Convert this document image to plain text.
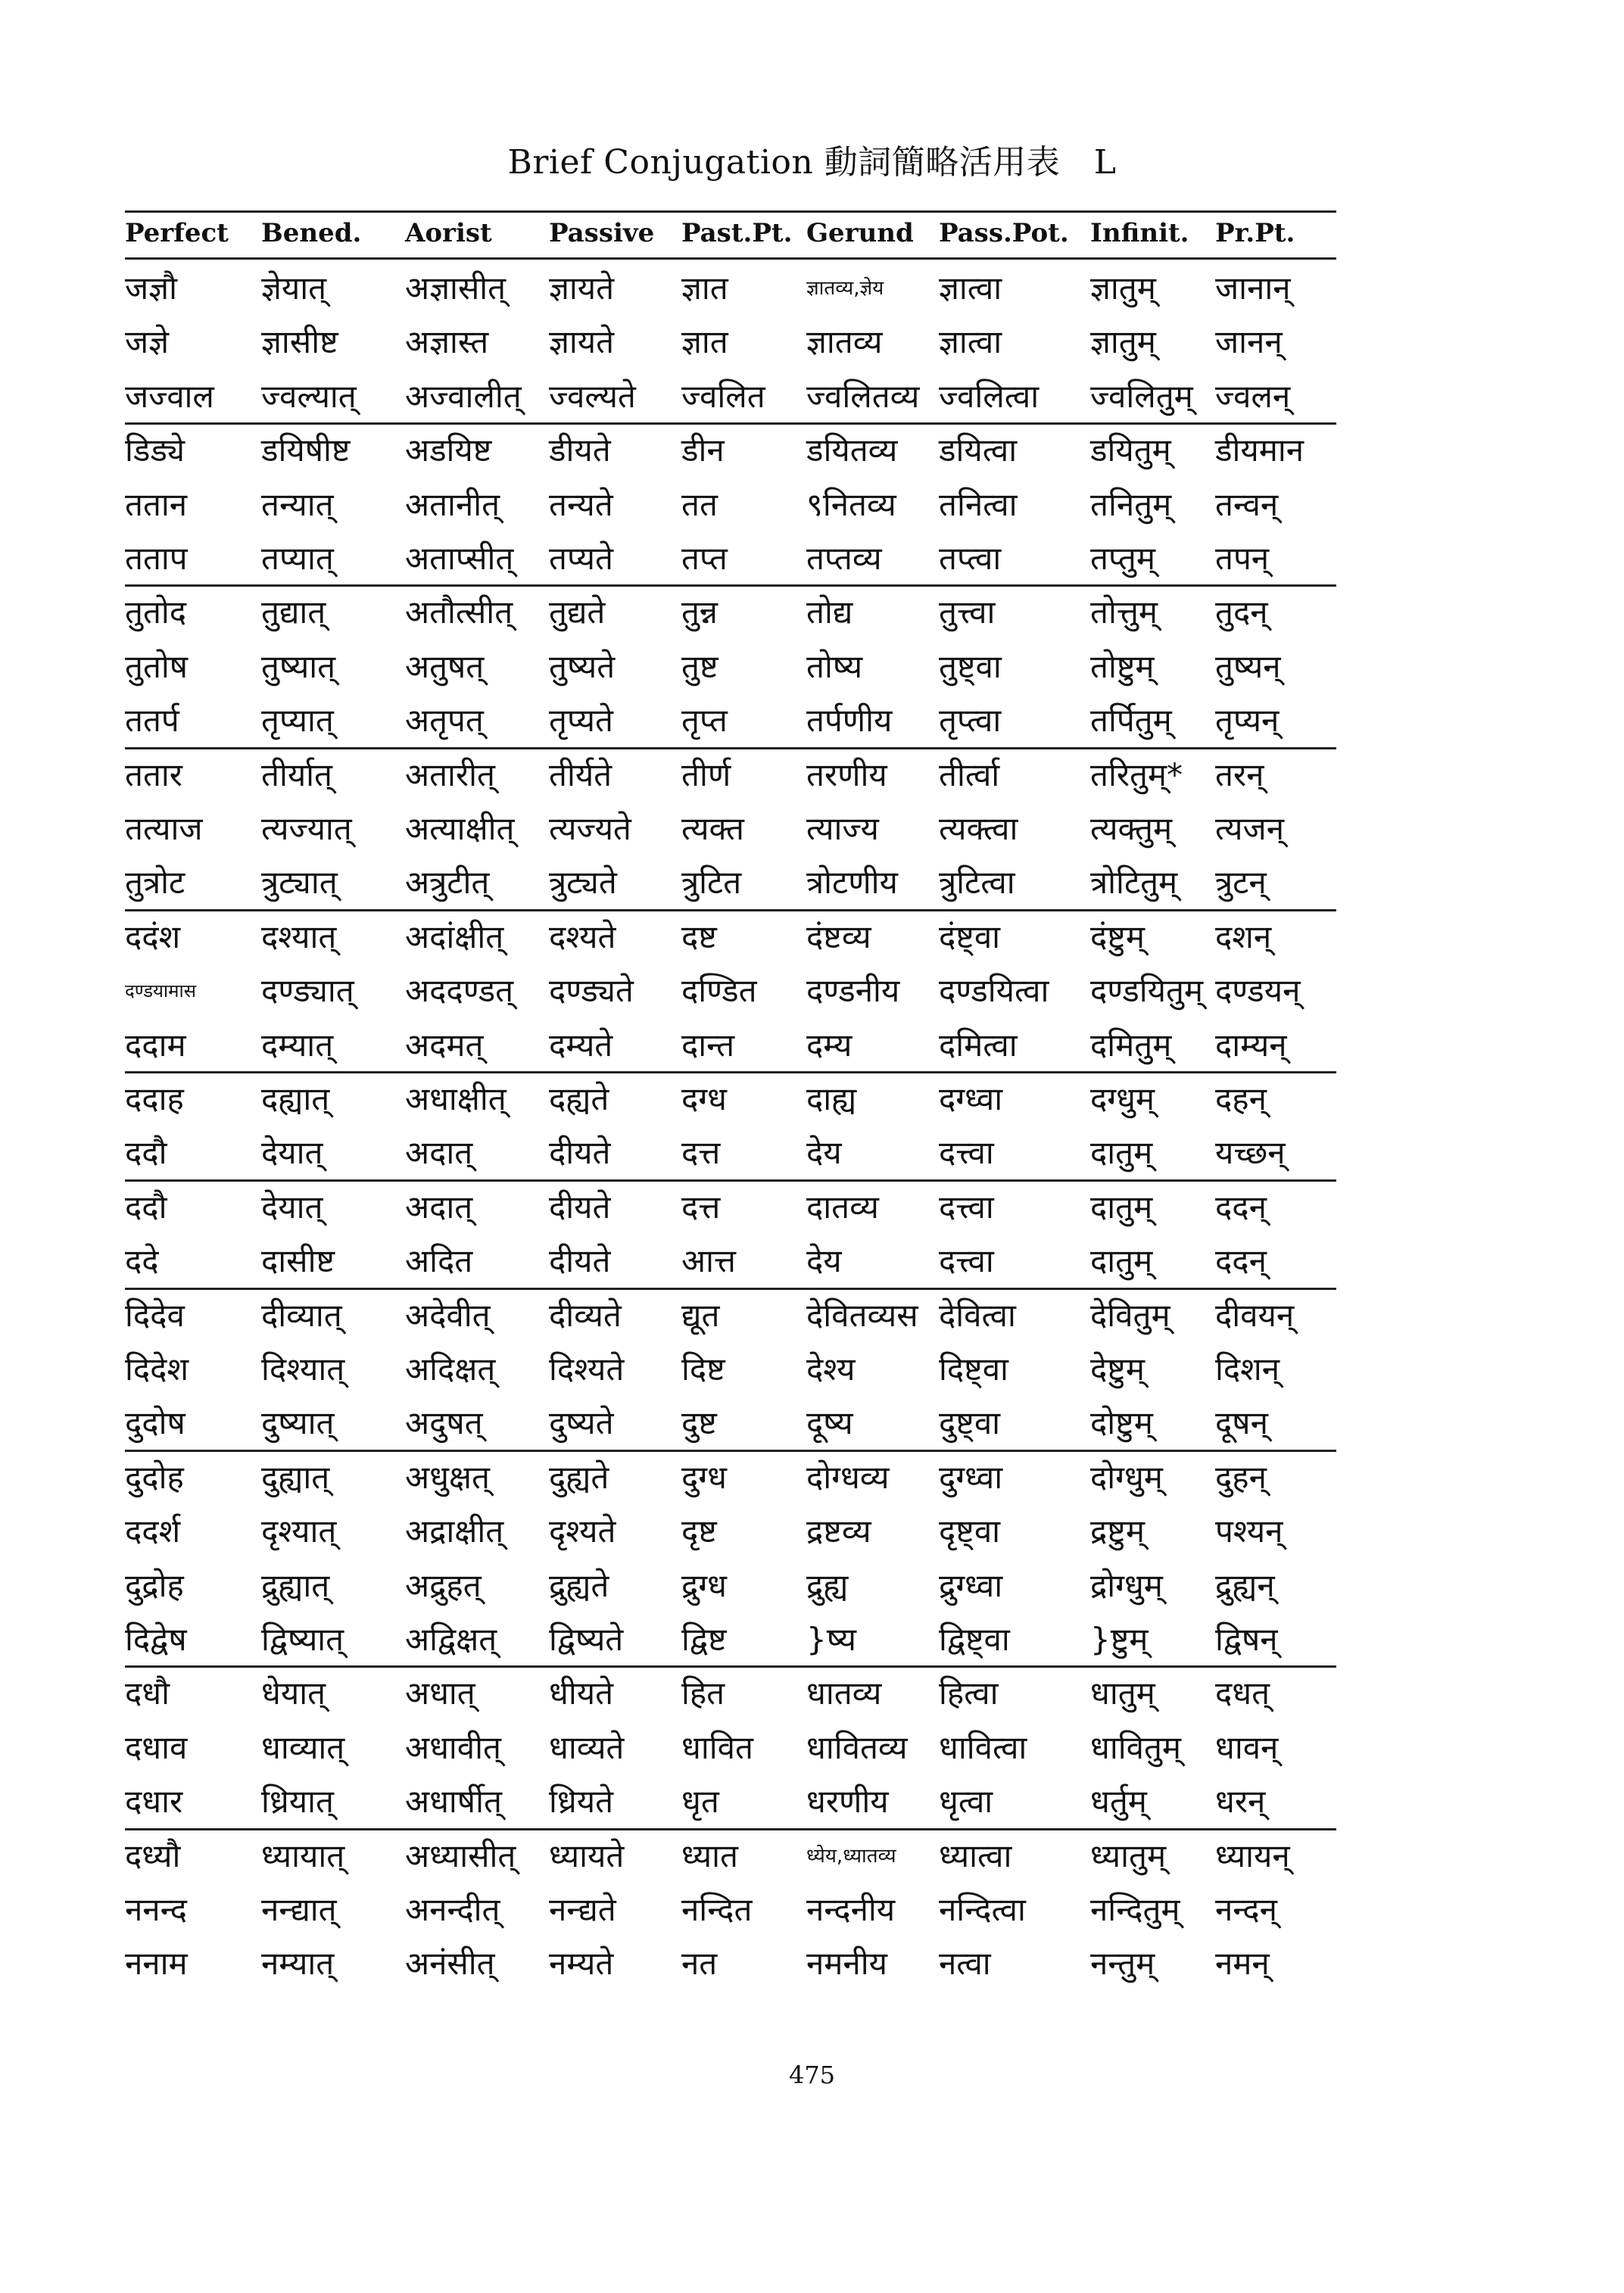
Brief Conjugation 動詞簡略活用表　L
Perfect Bened. Aorist Passive Past.Pt. Gerund Pass.Pot. Infinit. Pr.Pt.
जज्ञौ	ज्ञेयात् अज्ञासीत् ज्ञायते ज्ञात	ज्ञातव्य,ज्ञेय ज्ञात्वा	ज्ञातुम् जानान्
जज्ञे	ज्ञासीष्ट अज्ञास्त ज्ञायते ज्ञात ज्ञातव्य ज्ञात्वा	ज्ञातुम् जानन्
जज्वाल ज्वल्यात् अज्वालीत् ज्वल्यते ज्वलित ज्वलितव्य ज्वलित्वा ज्वलितुम् ज्वलन्
डिड्ये डयिषीष्ट अडयिष्ट डीयते डीन	डयितव्य डयित्वा डयितुम् डीयमान
ततान तन्यात् अतानीत् तन्यते तत	९नितव्य तनित्वा तनितुम् तन्वन्
तताप तप्यात् अताप्सीत् तप्यते तप्त तप्तव्य तप्त्वा	तप्तुम् तपन्
तुतोद तुद्यात् अतौत्सीत् तुद्यते तुन्न	तोद्य	तुत्त्वा	तोत्तुम् तुदन्
तुतोष तुष्यात् अतुषत् तुष्यते तुष्ट	तोष्य तुष्ट्वा	तोष्टुम् तुष्यन्
ततर्प	तृप्यात् अतृपत् तृप्यते तृप्त तर्पणीय तृप्त्वा	तर्पितुम् तृप्यन्
ततार तीर्यात् अतारीत् तीर्यते तीर्ण तरणीय तीर्त्वा	तरितुम्* तरन्
तत्याज त्यज्यात् अत्याक्षीत् त्यज्यते त्यक्त त्याज्य त्यक्त्वा त्यक्तुम् त्यजन्
तुत्रोट त्रुट्यात् अत्रुटीत् त्रुट्यते त्रुटित त्रोटणीय त्रुटित्वा त्रोटितुम् त्रुटन्
ददंश	दश्यात् अदांक्षीत् दश्यते दष्ट	दंष्टव्य दंष्ट्वा	दंष्टुम् दशन्
दण्डयामास दण्ड्यात् अददण्डत् दण्ड्यते दण्डित दण्डनीय दण्डयित्वा दण्डयितुम् दण्डयन्
ददाम दम्यात् अदमत् दम्यते दान्त दम्य	दमित्वा दमितुम् दाम्यन्
ददाह दह्यात् अधाक्षीत् दह्यते दग्ध	दाह्य	दग्ध्वा	दग्धुम् दहन्
ददौ	देयात्	अदात् दीयते दत्त	देय	दत्त्वा	दातुम् यच्छन्
ददौ	देयात्	अदात् दीयते दत्त	दातव्य दत्त्वा	दातुम् ददन्
ददे	दासीष्ट अदित दीयते आत्त देय	दत्त्वा	दातुम् ददन्
दिदेव दीव्यात् अदेवीत् दीव्यते द्यूत	देवितव्यस देवित्वा देवितुम् दीवयन्
दिदेश दिश्यात् अदिक्षत् दिश्यते दिष्ट	देश्य	दिष्ट्वा	देष्टुम् दिशन्
दुदोष दुष्यात् अदुषत् दुष्यते दुष्ट	दूष्य	दुष्ट्वा	दोष्टुम् दूषन्
दुदोह दुह्यात् अधुक्षत् दुह्यते दुग्ध	दोग्धव्य दुग्ध्वा	दोग्धुम् दुहन्
ददर्श	दृश्यात् अद्राक्षीत् दृश्यते दृष्ट	द्रष्टव्य दृष्ट्वा	द्रष्टुम् पश्यन्
दुद्रोह द्रुह्यात् अद्रुहत् द्रुह्यते द्रुग्ध	द्रुह्य	द्रुग्ध्वा	द्रोग्धुम् द्रुह्यन्
दिद्वेष द्विष्यात् अद्विक्षत् द्विष्यते द्विष्ट	}ष्य	द्विष्ट्वा	}ष्टुम् द्विषन्
दधौ	धेयात् अधात् धीयते हित	धातव्य हित्वा	धातुम् दधत्
दधाव धाव्यात् अधावीत् धाव्यते धावित धावितव्य धावित्वा धावितुम् धावन्
दधार ध्रियात् अधार्षीत् ध्रियते धृत	धरणीय धृत्वा	धर्तुम् धरन्
दध्यौ	ध्यायात् अध्यासीत् ध्यायते ध्यात	ध्येय,ध्यातव्य ध्यात्वा ध्यातुम् ध्यायन्
ननन्द नन्द्यात् अनन्दीत् नन्द्यते नन्दित नन्दनीय नन्दित्वा नन्दितुम् नन्दन्
ननाम नम्यात् अनंसीत् नम्यते नत	नमनीय नत्वा	नन्तुम् नमन्
475
